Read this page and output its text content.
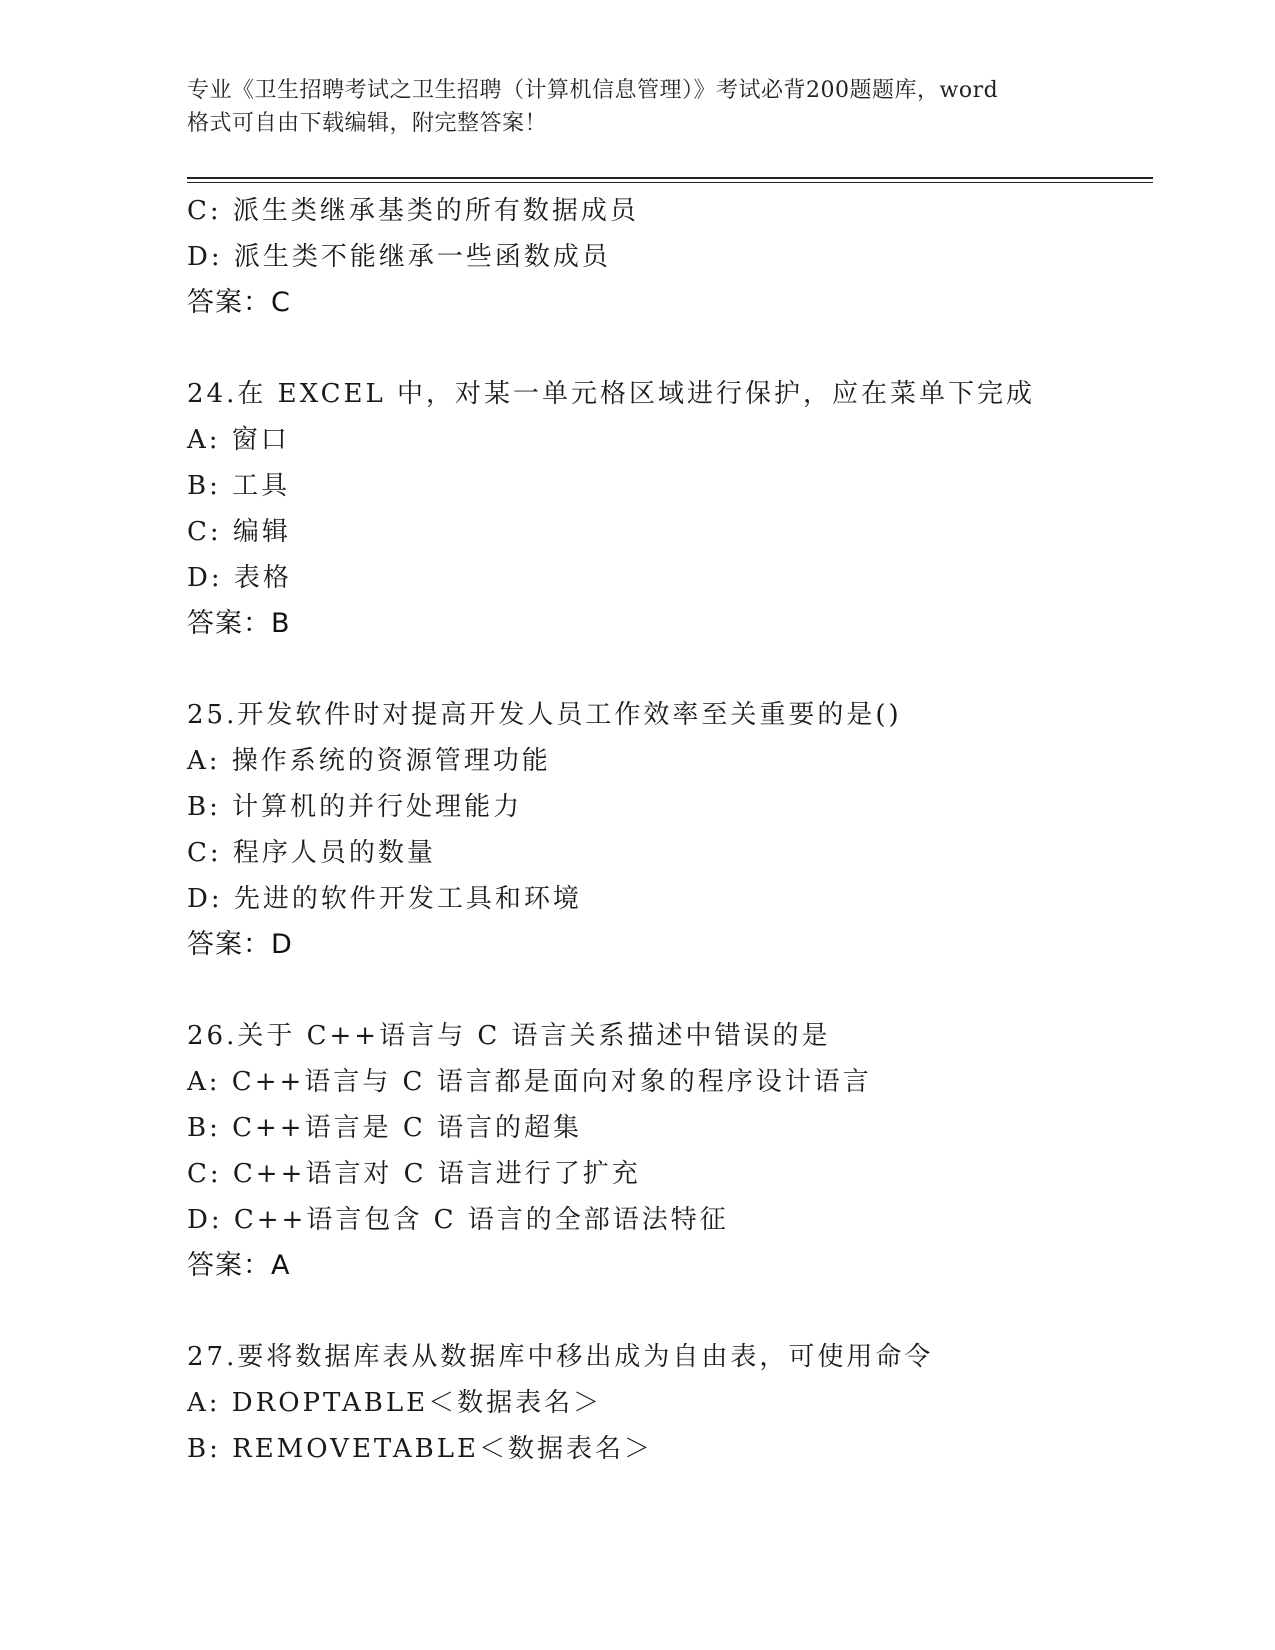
专业《卫生招聘考试之卫生招聘（计算机信息管理）》考试必背200题题库，word
格式可自由下载编辑，附完整答案！
C: 派生类继承基类的所有数据成员
D: 派生类不能继承一些函数成员
答案：C
24.在 EXCEL 中，对某一单元格区域进行保护，应在菜单下完成
A: 窗口
B: 工具
C: 编辑
D: 表格
答案：B
25.开发软件时对提高开发人员工作效率至关重要的是()
A: 操作系统的资源管理功能
B: 计算机的并行处理能力
C: 程序人员的数量
D: 先进的软件开发工具和环境
答案：D
26.关于 C++语言与 C 语言关系描述中错误的是
A: C++语言与 C 语言都是面向对象的程序设计语言
B: C++语言是 C 语言的超集
C: C++语言对 C 语言进行了扩充
D: C++语言包含 C 语言的全部语法特征
答案：A
27.要将数据库表从数据库中移出成为自由表，可使用命令
A: DROPTABLE＜数据表名＞
B: REMOVETABLE＜数据表名＞
